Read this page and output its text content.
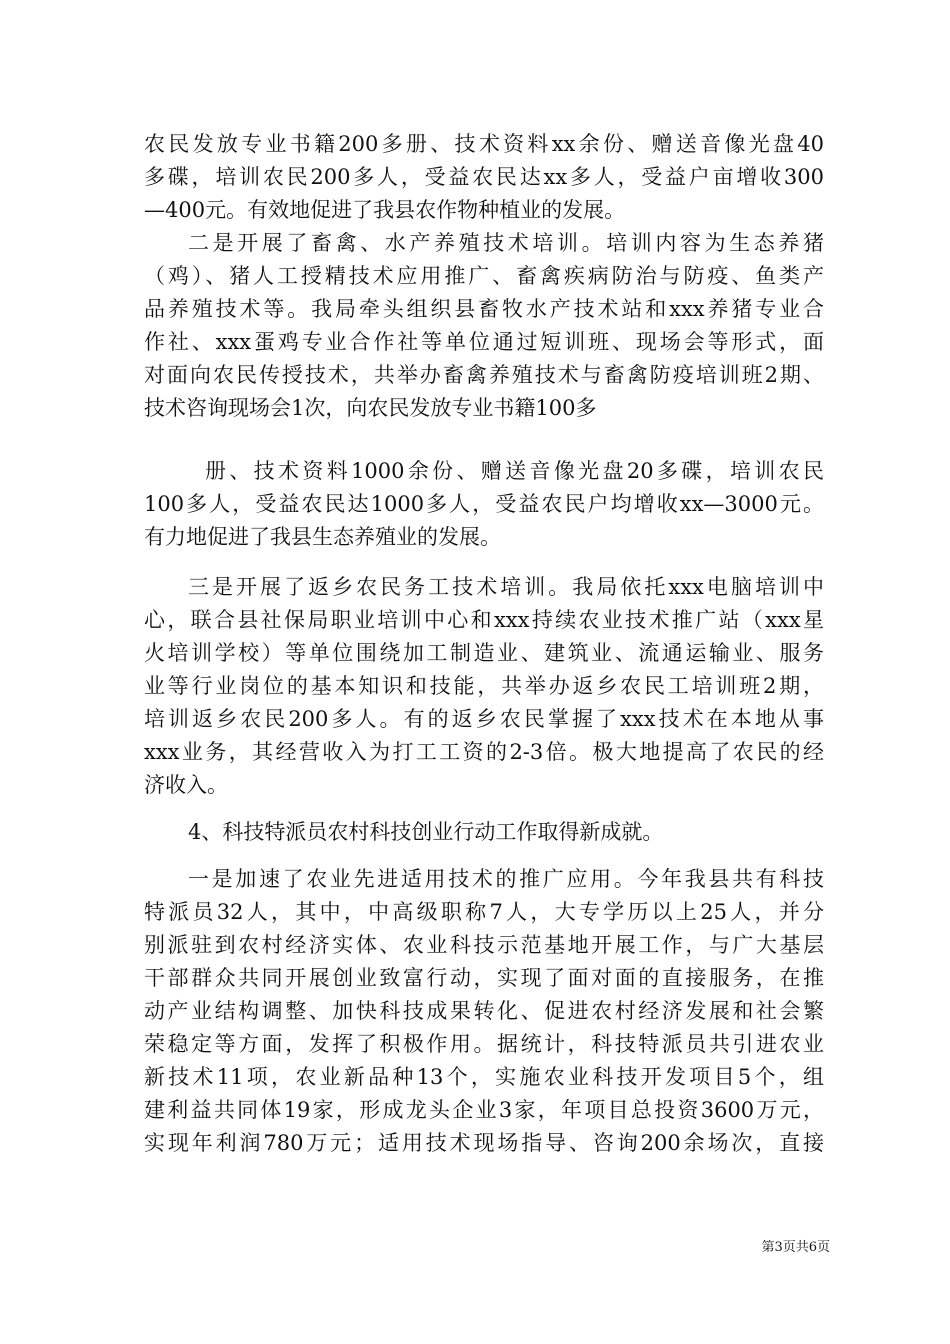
农民发放专业书籍200多册、技术资料xx余份、赠送音像光盘40
多碟，培训农民200多人，受益农民达xx多人，受益户亩增收300
—400元。有效地促进了我县农作物种植业的发展。
二是开展了畜禽、水产养殖技术培训。培训内容为生态养猪
（鸡）、猪人工授精技术应用推广、畜禽疾病防治与防疫、鱼类产
品养殖技术等。我局牵头组织县畜牧水产技术站和xxx养猪专业合
作社、xxx蛋鸡专业合作社等单位通过短训班、现场会等形式，面
对面向农民传授技术，共举办畜禽养殖技术与畜禽防疫培训班2期、
技术咨询现场会1次，向农民发放专业书籍100多
册、技术资料1000余份、赠送音像光盘20多碟，培训农民
100多人，受益农民达1000多人，受益农民户均增收xx—3000元。
有力地促进了我县生态养殖业的发展。
三是开展了返乡农民务工技术培训。我局依托xxx电脑培训中
心，联合县社保局职业培训中心和xxx持续农业技术推广站（xxx星
火培训学校）等单位围绕加工制造业、建筑业、流通运输业、服务
业等行业岗位的基本知识和技能，共举办返乡农民工培训班2期，
培训返乡农民200多人。有的返乡农民掌握了xxx技术在本地从事
xxx业务，其经营收入为打工工资的2-3倍。极大地提高了农民的经
济收入。
4、科技特派员农村科技创业行动工作取得新成就。
一是加速了农业先进适用技术的推广应用。今年我县共有科技
特派员32人，其中，中高级职称7人，大专学历以上25人，并分
别派驻到农村经济实体、农业科技示范基地开展工作，与广大基层
干部群众共同开展创业致富行动，实现了面对面的直接服务，在推
动产业结构调整、加快科技成果转化、促进农村经济发展和社会繁
荣稳定等方面，发挥了积极作用。据统计，科技特派员共引进农业
新技术11项，农业新品种13个，实施农业科技开发项目5个，组
建利益共同体19家，形成龙头企业3家，年项目总投资3600万元，
实现年利润780万元；适用技术现场指导、咨询200余场次，直接
第3页共6页
